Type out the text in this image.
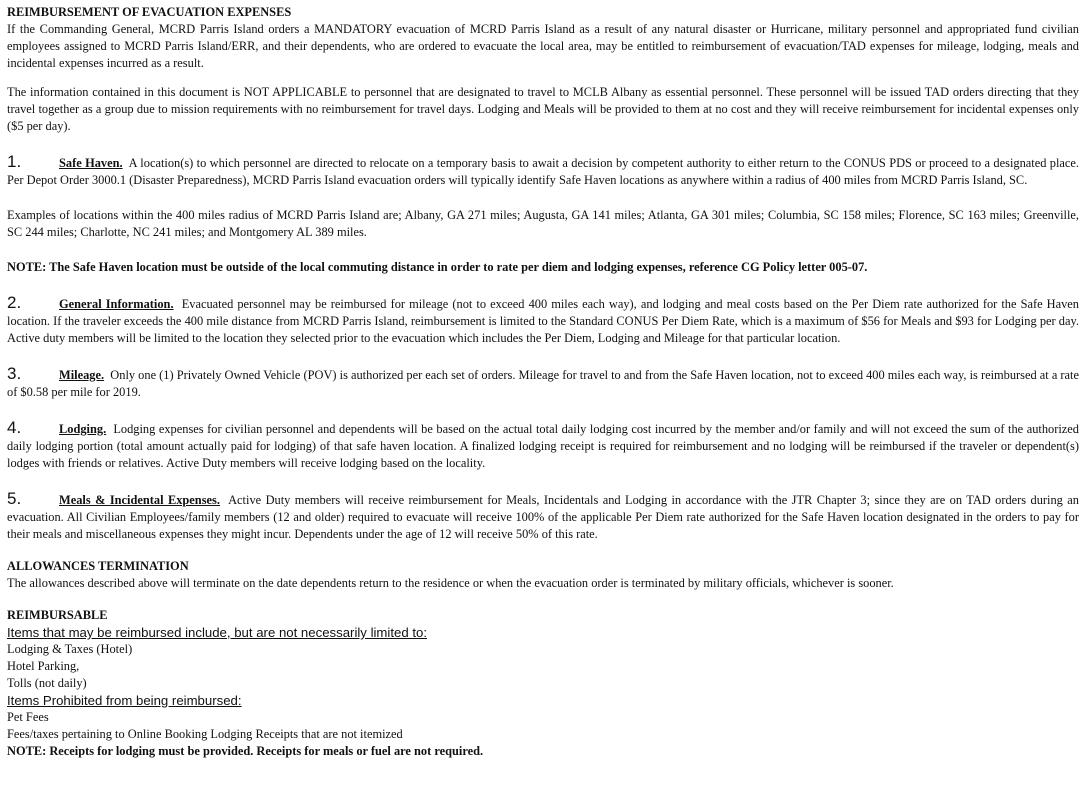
REIMBURSEMENT OF EVACUATION EXPENSES

If the Commanding General, MCRD Parris Island orders a MANDATORY evacuation of MCRD Parris Island as a result of any natural disaster or Hurricane, military personnel and appropriated fund civilian employees assigned to MCRD Parris Island/ERR, and their dependents, who are ordered to evacuate the local area, may be entitled to reimbursement of evacuation/TAD expenses for mileage, lodging, meals and incidental expenses incurred as a result.

The information contained in this document is NOT APPLICABLE to personnel that are designated to travel to MCLB Albany as essential personnel. These personnel will be issued TAD orders directing that they travel together as a group due to mission requirements with no reimbursement for travel days. Lodging and Meals will be provided to them at no cost and they will receive reimbursement for incidental expenses only ($5 per day).

1.	Safe Haven. A location(s) to which personnel are directed to relocate on a temporary basis to await a decision by competent authority to either return to the CONUS PDS or proceed to a designated place. Per Depot Order 3000.1 (Disaster Preparedness), MCRD Parris Island evacuation orders will typically identify Safe Haven locations as anywhere within a radius of 400 miles from MCRD Parris Island, SC.

Examples of locations within the 400 miles radius of MCRD Parris Island are; Albany, GA 271 miles; Augusta, GA 141 miles; Atlanta, GA 301 miles; Columbia, SC 158 miles; Florence, SC 163 miles; Greenville, SC 244 miles; Charlotte, NC 241 miles; and Montgomery AL 389 miles.

NOTE: The Safe Haven location must be outside of the local commuting distance in order to rate per diem and lodging expenses, reference CG Policy letter 005-07.

2.	General Information. Evacuated personnel may be reimbursed for mileage (not to exceed 400 miles each way), and lodging and meal costs based on the Per Diem rate authorized for the Safe Haven location. If the traveler exceeds the 400 mile distance from MCRD Parris Island, reimbursement is limited to the Standard CONUS Per Diem Rate, which is a maximum of $56 for Meals and $93 for Lodging per day. Active duty members will be limited to the location they selected prior to the evacuation which includes the Per Diem, Lodging and Mileage for that particular location.

3.	Mileage. Only one (1) Privately Owned Vehicle (POV) is authorized per each set of orders. Mileage for travel to and from the Safe Haven location, not to exceed 400 miles each way, is reimbursed at a rate of $0.58 per mile for 2019.

4.	Lodging. Lodging expenses for civilian personnel and dependents will be based on the actual total daily lodging cost incurred by the member and/or family and will not exceed the sum of the authorized daily lodging portion (total amount actually paid for lodging) of that safe haven location. A finalized lodging receipt is required for reimbursement and no lodging will be reimbursed if the traveler or dependent(s) lodges with friends or relatives. Active Duty members will receive lodging based on the locality.

5.	Meals & Incidental Expenses. Active Duty members will receive reimbursement for Meals, Incidentals and Lodging in accordance with the JTR Chapter 3; since they are on TAD orders during an evacuation. All Civilian Employees/family members (12 and older) required to evacuate will receive 100% of the applicable Per Diem rate authorized for the Safe Haven location designated in the orders to pay for their meals and miscellaneous expenses they might incur. Dependents under the age of 12 will receive 50% of this rate.

ALLOWANCES TERMINATION

The allowances described above will terminate on the date dependents return to the residence or when the evacuation order is terminated by military officials, whichever is sooner.

REIMBURSABLE

Items that may be reimbursed include, but are not necessarily limited to:

Lodging & Taxes (Hotel)

Hotel Parking,

Tolls (not daily)

Items Prohibited from being reimbursed:

Pet Fees

Fees/taxes pertaining to Online Booking Lodging Receipts that are not itemized

NOTE: Receipts for lodging must be provided. Receipts for meals or fuel are not required.
